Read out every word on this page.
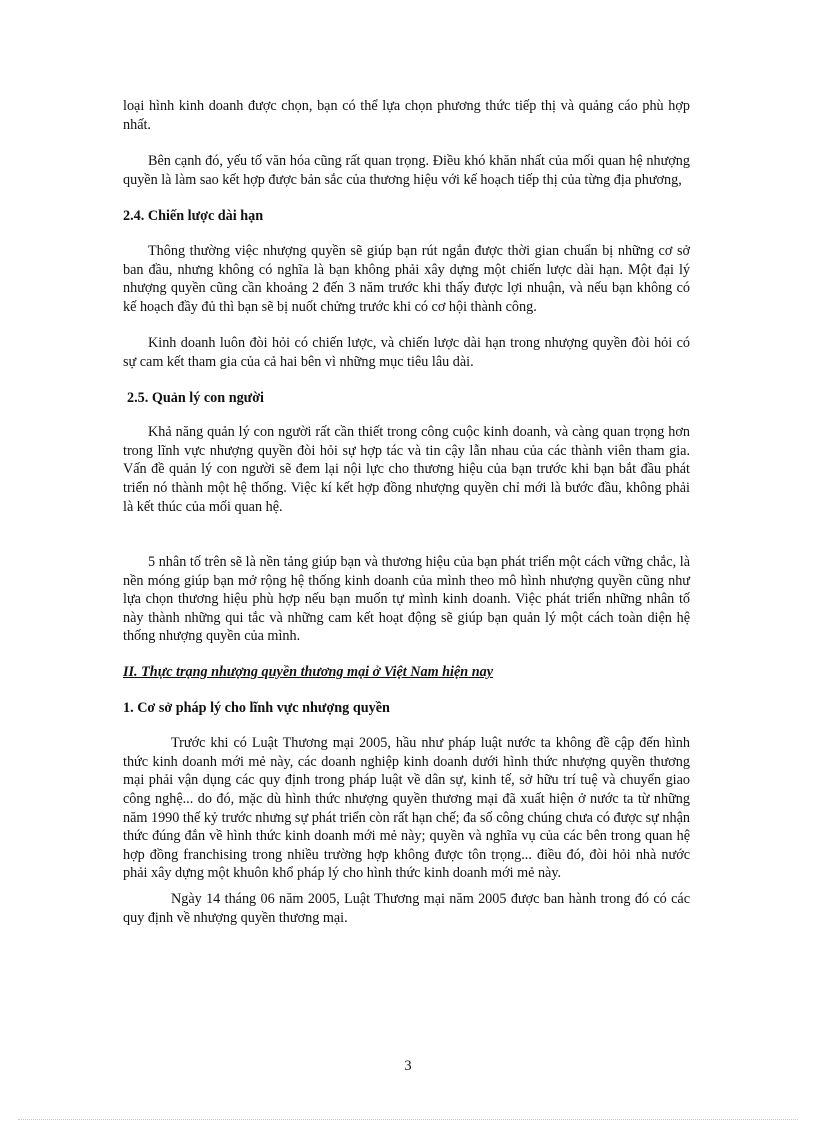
loại hình kinh doanh được chọn, bạn có thể lựa chọn phương thức tiếp thị và quảng cáo phù hợp nhất.

Bên cạnh đó, yếu tố văn hóa cũng rất quan trọng. Điều khó khăn nhất của mối quan hệ nhượng quyền là làm sao kết hợp được bản sắc của thương hiệu với kế hoạch tiếp thị của từng địa phương,

2.4. Chiến lược dài hạn

Thông thường việc nhượng quyền sẽ giúp bạn rút ngắn được thời gian chuẩn bị những cơ sở ban đầu, nhưng không có nghĩa là bạn không phải xây dựng một chiến lược dài hạn. Một đại lý nhượng quyền cũng cần khoảng 2 đến 3 năm trước khi thấy được lợi nhuận, và nếu bạn không có kế hoạch đầy đủ thì bạn sẽ bị nuốt chửng trước khi có cơ hội thành công.

Kinh doanh luôn đòi hỏi có chiến lược, và chiến lược dài hạn trong nhượng quyền đòi hỏi có sự cam kết tham gia của cả hai bên vì những mục tiêu lâu dài.

2.5. Quản lý con người

Khả năng quản lý con người rất cần thiết trong công cuộc kinh doanh, và càng quan trọng hơn trong lĩnh vực nhượng quyền đòi hỏi sự hợp tác và tin cậy lẫn nhau của các thành viên tham gia. Vấn đề quản lý con người sẽ đem lại nội lực cho thương hiệu của bạn trước khi bạn bắt đầu phát triển nó thành một hệ thống. Việc kí kết hợp đồng nhượng quyền chỉ mới là bước đầu, không phải là kết thúc của mối quan hệ.

5 nhân tố trên sẽ là nền tảng giúp bạn và thương hiệu của bạn phát triển một cách vững chắc, là nền móng giúp bạn mở rộng hệ thống kinh doanh của mình theo mô hình nhượng quyền cũng như lựa chọn thương hiệu phù hợp nếu bạn muốn tự mình kinh doanh. Việc phát triển những nhân tố này thành những qui tắc và những cam kết hoạt động sẽ giúp bạn quản lý một cách toàn diện hệ thống nhượng quyền của mình.

II. Thực trạng nhượng quyền thương mại ở Việt Nam hiện nay

1. Cơ sở pháp lý cho lĩnh vực nhượng quyền

Trước khi có Luật Thương mại 2005, hầu như pháp luật nước ta không đề cập đến hình thức kinh doanh mới mẻ này, các doanh nghiệp kinh doanh dưới hình thức nhượng quyền thương mại phải vận dụng các quy định trong pháp luật về dân sự, kinh tế, sở hữu trí tuệ và chuyển giao công nghệ... do đó, mặc dù hình thức nhượng quyền thương mại đã xuất hiện ở nước ta từ những năm 1990 thế kỷ trước nhưng sự phát triển còn rất hạn chế; đa số công chúng chưa có được sự nhận thức đúng đắn về hình thức kinh doanh mới mẻ này; quyền và nghĩa vụ của các bên trong quan hệ hợp đồng franchising trong nhiều trường hợp không được tôn trọng... điều đó, đòi hỏi nhà nước phải xây dựng một khuôn khổ pháp lý cho hình thức kinh doanh mới mẻ này.

Ngày 14 tháng 06 năm 2005, Luật Thương mại năm 2005 được ban hành trong đó có các quy định về nhượng quyền thương mại.

3
